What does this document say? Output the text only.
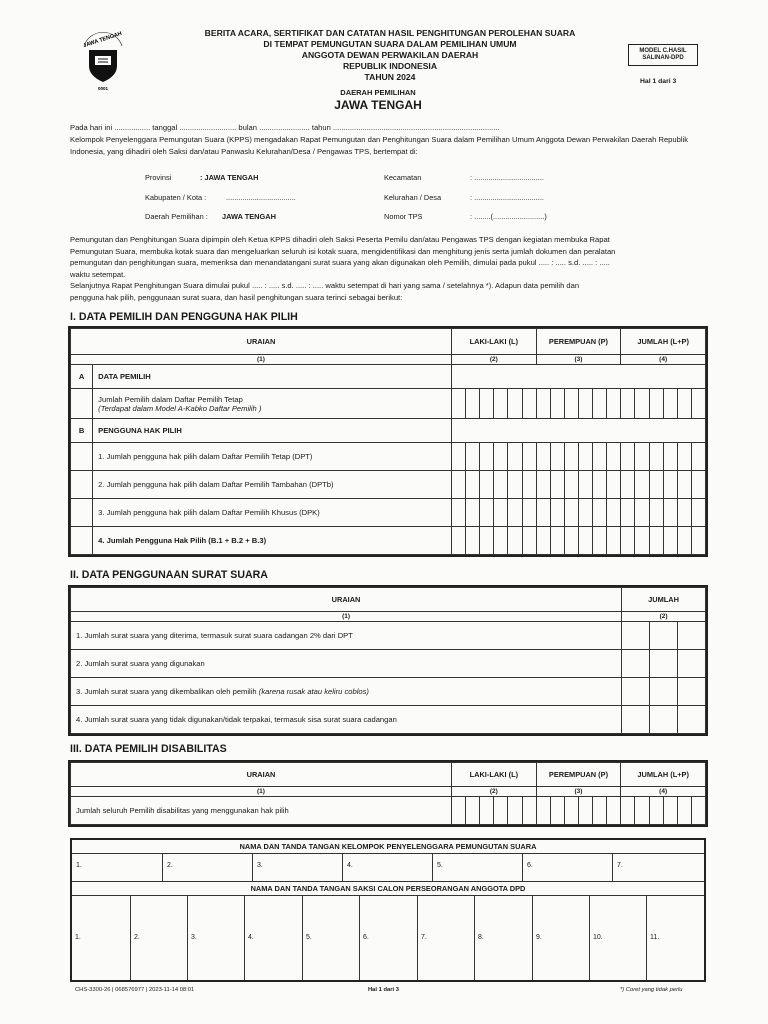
JAWA TENGAH
0001
BERITA ACARA, SERTIFIKAT DAN CATATAN HASIL PENGHITUNGAN PEROLEHAN SUARA
DI TEMPAT PEMUNGUTAN SUARA DALAM PEMILIHAN UMUM
ANGGOTA DEWAN PERWAKILAN DAERAH
REPUBLIK INDONESIA
TAHUN 2024
MODEL C.HASIL
SALINAN-DPD
Hal 1 dari 3
DAERAH PEMILIHAN
JAWA TENGAH
Pada hari ini ................. tanggal ........................... bulan ........................ tahun ...............................................................................
Kelompok Penyelenggara Pemungutan Suara (KPPS) mengadakan Rapat Pemungutan dan Penghitungan Suara dalam Pemilihan Umum Anggota Dewan Perwakilan Daerah Republik Indonesia, yang dihadiri oleh Saksi dan/atau Panwaslu Kelurahan/Desa / Pengawas TPS, bertempat di:
Provinsi	: JAWA TENGAH
Kabupaten / Kota :	..................................
Daerah Pemilihan : JAWA TENGAH
Kecamatan	: ..................................
Kelurahan / Desa	: ..................................
Nomor TPS	: ........(.........................)
Pemungutan dan Penghitungan Suara dipimpin oleh Ketua KPPS dihadiri oleh Saksi Peserta Pemilu dan/atau Pengawas TPS dengan kegiatan membuka Rapat
Pemungutan Suara, membuka kotak suara dan mengeluarkan seluruh isi kotak suara, mengidentifikasi dan menghitung jenis serta jumlah dokumen dan peralatan
pemungutan dan penghitungan suara, memeriksa dan menandatangani surat suara yang akan digunakan oleh Pemilih, dimulai pada pukul ..... : ..... s.d. ..... : .....
waktu setempat.
Selanjutnya Rapat Penghitungan Suara dimulai pukul ..... : ..... s.d. ..... : ..... waktu setempat di hari yang sama / setelahnya *). Adapun data pemilih dan
pengguna hak pilih, penggunaan surat suara, dan hasil penghitungan suara terinci sebagai berikut:
I. DATA PEMILIH DAN PENGGUNA HAK PILIH
URAIAN		LAKI-LAKI (L)						PEREMPUAN (P)						JUMLAH (L+P)					
(1)		(2)						(3)						(4)					
A	DATA PEMILIH																		

	Jumlah Pemilih dalam Daftar Pemilih Tetap
(Terdapat dalam Model A-Kabko Daftar Pemilih )																		

B	PENGGUNA HAK PILIH																		
	1. Jumlah pengguna hak pilih dalam Daftar Pemilih Tetap (DPT)																		
	2. Jumlah pengguna hak pilih dalam Daftar Pemilih Tambahan (DPTb)																		
	3. Jumlah pengguna hak pilih dalam Daftar Pemilih Khusus (DPK)																		
	4. Jumlah Pengguna Hak Pilih (B.1 + B.2 + B.3)																		
II. DATA PENGGUNAAN SURAT SUARA
URAIAN	JUMLAH		
(1)	(2)		
1. Jumlah surat suara yang diterima, termasuk surat suara cadangan 2% dari DPT			
2. Jumlah surat suara yang digunakan			
3. Jumlah surat suara yang dikembalikan oleh pemilih (karena rusak atau keliru coblos)			
4. Jumlah surat suara yang tidak digunakan/tidak terpakai, termasuk sisa surat suara cadangan			
III. DATA PEMILIH DISABILITAS
URAIAN	LAKI-LAKI (L)						PEREMPUAN (P)						JUMLAH (L+P)					
(1)	(2)						(3)						(4)					
Jumlah seluruh Pemilih disabilitas yang menggunakan hak pilih																		
NAMA DAN TANDA TANGAN KELOMPOK PENYELENGGARA PEMUNGUTAN SUARA
1.	2.	3.	4.	5.	6.	7.
NAMA DAN TANDA TANGAN SAKSI CALON PERSEORANGAN ANGGOTA DPD
1.	2.	3.	4.	5.	6.	7.	8.	9.	10.	11.
CHS-3300-26 | 068576977 | 2023-11-14 08:01	Hal 1 dari 3	*) Coret yang tidak perlu
